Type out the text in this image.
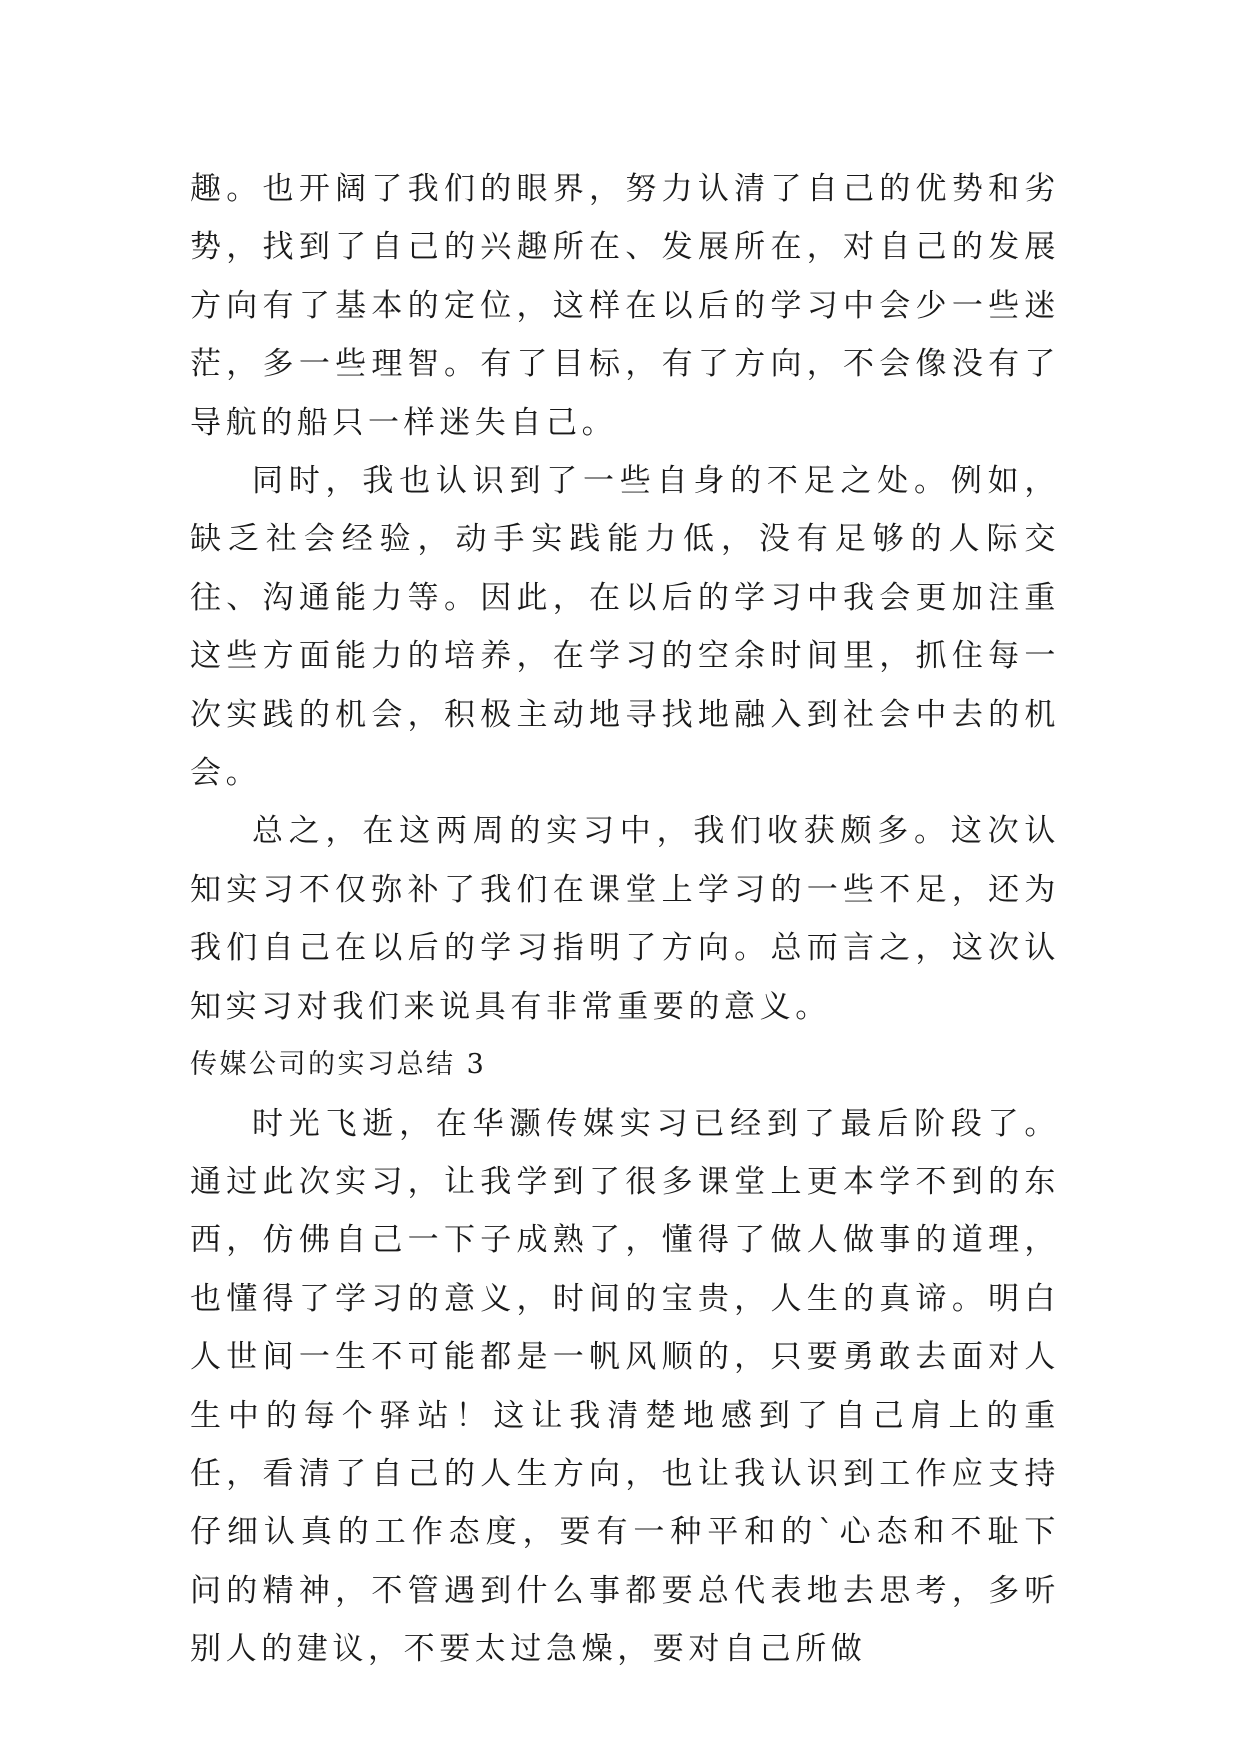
趣。也开阔了我们的眼界，努力认清了自己的优势和劣势，找到了自己的兴趣所在、发展所在，对自己的发展方向有了基本的定位，这样在以后的学习中会少一些迷茫，多一些理智。有了目标，有了方向，不会像没有了导航的船只一样迷失自己。

同时，我也认识到了一些自身的不足之处。例如，缺乏社会经验，动手实践能力低，没有足够的人际交往、沟通能力等。因此，在以后的学习中我会更加注重这些方面能力的培养，在学习的空余时间里，抓住每一次实践的机会，积极主动地寻找地融入到社会中去的机会。

总之，在这两周的实习中，我们收获颇多。这次认知实习不仅弥补了我们在课堂上学习的一些不足，还为我们自己在以后的学习指明了方向。总而言之，这次认知实习对我们来说具有非常重要的意义。

传媒公司的实习总结 3

时光飞逝，在华灏传媒实习已经到了最后阶段了。通过此次实习，让我学到了很多课堂上更本学不到的东西，仿佛自己一下子成熟了，懂得了做人做事的道理，也懂得了学习的意义，时间的宝贵，人生的真谛。明白人世间一生不可能都是一帆风顺的，只要勇敢去面对人生中的每个驿站！这让我清楚地感到了自己肩上的重任，看清了自己的人生方向，也让我认识到工作应支持仔细认真的工作态度，要有一种平和的`心态和不耻下问的精神，不管遇到什么事都要总代表地去思考，多听别人的建议，不要太过急燥，要对自己所做
